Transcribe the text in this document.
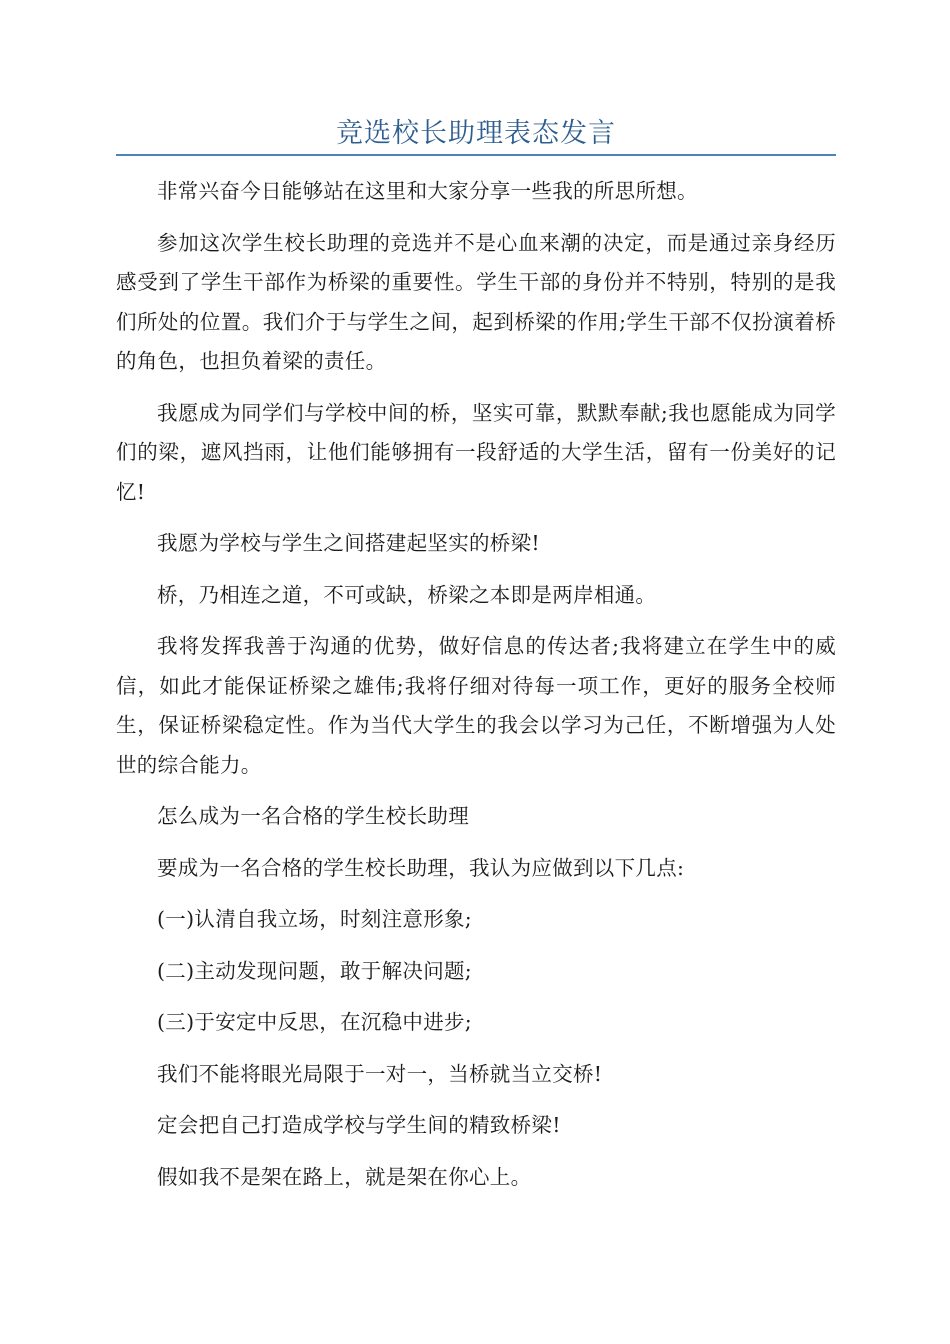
竞选校长助理表态发言

非常兴奋今日能够站在这里和大家分享一些我的所思所想。

参加这次学生校长助理的竞选并不是心血来潮的决定，而是通过亲身经历感受到了学生干部作为桥梁的重要性。学生干部的身份并不特别，特别的是我们所处的位置。我们介于与学生之间，起到桥梁的作用;学生干部不仅扮演着桥的角色，也担负着梁的责任。

我愿成为同学们与学校中间的桥，坚实可靠，默默奉献;我也愿能成为同学们的梁，遮风挡雨，让他们能够拥有一段舒适的大学生活，留有一份美好的记忆!

我愿为学校与学生之间搭建起坚实的桥梁!

桥，乃相连之道，不可或缺，桥梁之本即是两岸相通。

我将发挥我善于沟通的优势，做好信息的传达者;我将建立在学生中的威信，如此才能保证桥梁之雄伟;我将仔细对待每一项工作，更好的服务全校师生，保证桥梁稳定性。作为当代大学生的我会以学习为己任，不断增强为人处世的综合能力。

怎么成为一名合格的学生校长助理

要成为一名合格的学生校长助理，我认为应做到以下几点:

(一)认清自我立场，时刻注意形象;

(二)主动发现问题，敢于解决问题;

(三)于安定中反思，在沉稳中进步;

我们不能将眼光局限于一对一，当桥就当立交桥!

定会把自己打造成学校与学生间的精致桥梁!

假如我不是架在路上，就是架在你心上。
